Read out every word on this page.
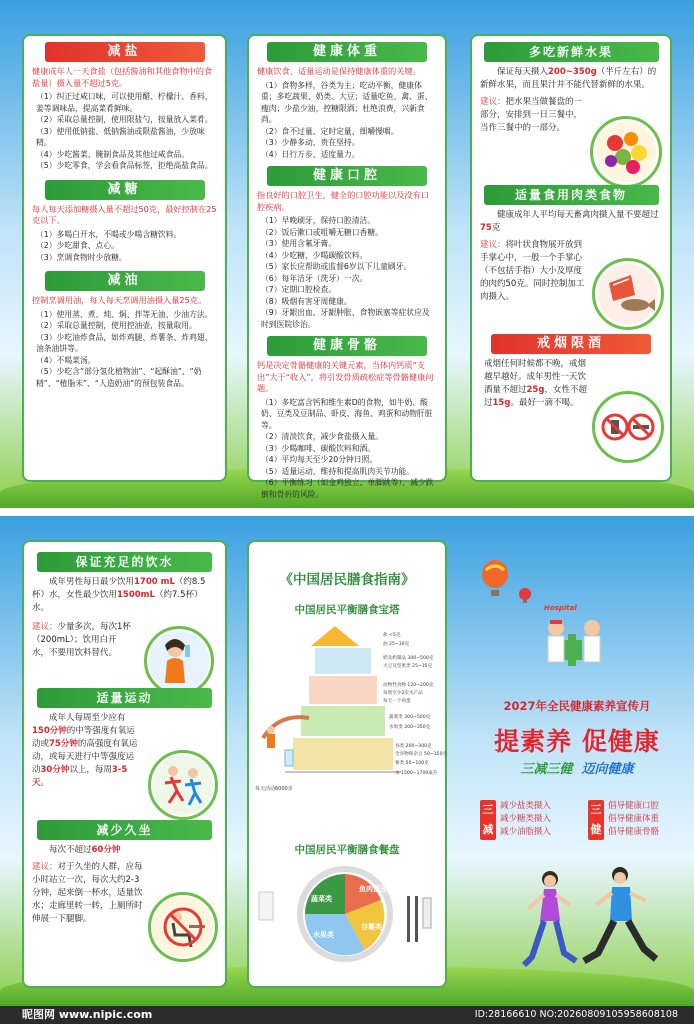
减盐
健康成年人一天食盐（包括酱油和其他食物中的食盐量）摄入量不超过5克。
（1）纠正过咸口味，可以使用醋、柠檬汁、香料、姜等调味品，提高菜肴鲜味。
（2）采取总量控制，使用限盐勺，按量放入菜肴。
（3）使用低钠盐、低钠酱油或限盐酱油，少放味精。
（4）少吃酱菜、腌制食品及其他过咸食品。
（5）少吃零食，学会看食品标签，拒绝高盐食品。
减糖
每人每天添加糖摄入量不超过50克，最好控制在25克以下。
（1）多喝白开水，不喝或少喝含糖饮料。
（2）少吃甜食、点心。
（3）烹调食物时少放糖。
减油
控制烹调用油，每人每天烹调用油摄入量25克。
（1）使用蒸、煮、炖、焖、拌等无油、少油方法。
（2）采取总量控制，使用控油壶，按量取用。
（3）少吃油炸食品，如炸鸡腿、炸薯条、炸鸡翅、油条油饼等。
（4）不喝菜汤。
（5）少吃含“部分氢化植物油”、“起酥油”、“奶精”、“植脂末”、“人造奶油”的预包装食品。
健康体重
健康饮食、适量运动是保持健康体重的关键。
（1）食物多样，谷类为主；吃动平衡，健康体重；多吃蔬果、奶类、大豆；适量吃鱼、禽、蛋、瘦肉；少盐少油，控糖限酒；杜绝浪费，兴新食尚。
（2）食不过量、定时定量、细嚼慢咽。
（3）少静多动、贵在坚持。
（4）日行万步、适度量力。
健康口腔
指良好的口腔卫生、健全的口腔功能以及没有口腔疾病。
（1）早晚刷牙，保持口腔清洁。
（2）饭后漱口或咀嚼无糖口香糖。
（3）使用含氟牙膏。
（4）少吃糖，少喝碳酸饮料。
（5）家长应帮助或监督6岁以下儿童刷牙。
（6）每年洁牙（洗牙）一次。
（7）定期口腔检查。
（8）吸烟有害牙周健康。
（9）牙龈出血、牙龈肿胀、食物嵌塞等症状应及时到医院诊治。
健康骨骼
钙是决定骨骼健康的关键元素，当体内钙质“支出”大于“收入”，将引发骨质疏松症等骨骼健康问题。
（1）多吃富含钙和维生素D的食物，如牛奶、酸奶、豆类及豆制品、虾皮、海鱼、鸡蛋和动物肝脏等。
（2）清淡饮食，减少食盐摄入量。
（3）少喝咖啡、碳酸饮料和酒。
（4）平均每天至少20分钟日照。
（5）适量运动，维持和提高肌肉关节功能。
（6）平衡练习（如金鸡独立、单脚跳等），减少跌倒和骨折的风险。
多吃新鲜水果
保证每天摄入200~350g（半斤左右）的新鲜水果，而且果汁并不能代替新鲜的水果。
建议：把水果当做餐盘的一部分，安排到一日三餐中，当作三餐中的一部分。
适量食用肉类食物
健康成年人平均每天畜禽肉摄入量不要超过75克
建议：将叶状食物展开放到手掌心中，一般一个手掌心（不包括手指）大小及厚度的肉约50克。同时控制加工肉摄入。
戒烟限酒
戒烟任何时候都不晚，戒烟越早越好。成年男性一天饮酒量不超过25g，女性不超过15g。最好一滴不喝。
保证充足的饮水
成年男性每日最少饮用1700 mL（约8.5杯）水，女性最少饮用1500mL（约7.5杯）水。
建议：少量多次，每次1杯（200mL）；饮用白开水，不要用饮料替代。
适量运动
成年人每周至少应有150分钟的中等强度有氧运动或75分钟的高强度有氧运动，或每天进行中等强度运动30分钟以上，每周3-5天。
减少久坐
每次不超过60分钟
建议：对于久坐的人群，应每小时站立一次，每次大约2-3分钟，起来倒一杯水，适量饮水；走廊里转一转，上厕所时伸展一下腿脚。
《中国居民膳食指南》
中国居民平衡膳食宝塔
盐 <5克
油 25~30克
奶及奶制品 300~500克
大豆及坚果类 25~35克
动物性食物 120~200克
每周至少2次水产品
每天一个鸡蛋
蔬菜类 300~500克
水果类 200~350克
谷类 200~300克
全谷物和杂豆 50~150克
薯类 50~100克
水 1500~1700毫升
每天活动6000步
中国居民平衡膳食餐盘
蔬菜类
鱼肉蛋豆类
谷薯类
水果类
Hospital
2027年全民健康素养宣传月
提素养 促健康
三减三健 迈向健康
三
减
减少盐类摄入
减少糖类摄入
减少油脂摄入
三
健
倡导健康口腔
倡导健康体重
倡导健康骨骼
昵图网 www.nipic.com	ID:28166610 NO:20260809105958608108
